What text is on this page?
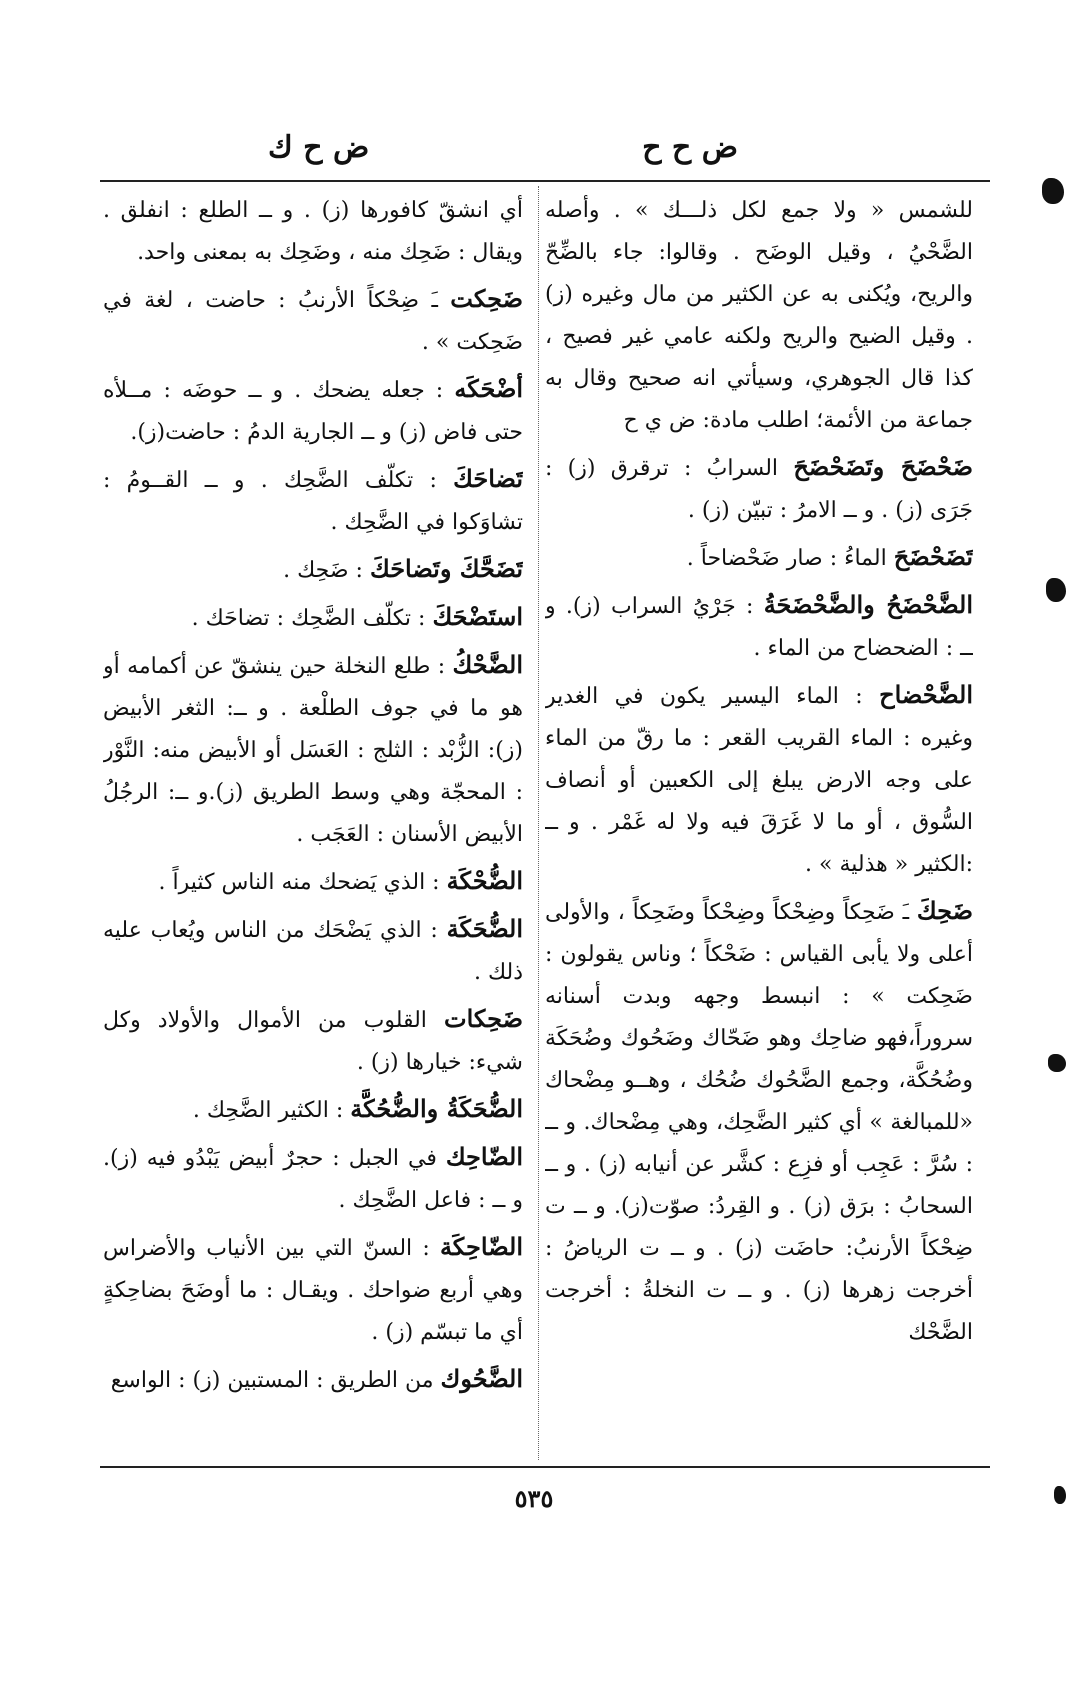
ض ح ح
ض ح ك

للشمس « ولا جمع لكل ذلـــك » . وأصله الضَّحْيُ ، وقيل الوضَح . وقالوا: جاء بالضِّحّ والريح، ويُكنى به عن الكثير من مال وغيره (ز) . وقيل الضيح والريح ولكنه عامي غير فصيح ، كذا قال الجوهري، وسيأتي انه صحيح وقال به جماعة من الأئمة؛ اطلب مادة: ض ي ح

ضَحْضَحَ وتَضَحْضَحَ السرابُ : ترقرق (ز) : جَرَى (ز) . و ــ الامرُ : تبيّن (ز) .

تَضَحْضَحَ الماءُ : صار ضَحْضاحاً .

الضَّحْضَحُ والضَّحْضَحَةُ : جَرْيُ السراب (ز). و ــ : الضحضاح من الماء .

الضَّحْضاح : الماء اليسير يكون في الغدير وغيره : الماء القريب القعر : ما رقّ من الماء على وجه الارض يبلغ إلى الكعبين أو أنصاف السُّوق ، أو ما لا غَرَقَ فيه ولا له غَمْر . و ــ :الكثير « هذلية » .

ضَحِكَ ـَ ضَحِكاً وضِحْكاً وضِحْكاً وضَحِكاً ، والأولى أعلى ولا يأبى القياس : ضَحْكاً ؛ وناس يقولون : ضَحِكت » : انبسط وجهه وبدت أسنانه سروراً،فهو ضاحِك وهو ضَحّاك وضَحُوك وضُحَكَة وضُحُكَّة، وجمع الضَّحُوك ضُحُك ، وهــو مِضْحاك «للمبالغة » أي كثير الضَّحِك، وهي مِضْحاك. و ــ : سُرَّ : عَجِب أو فزِع : كشَّر عن أنيابه (ز) . و ــ السحابُ : برَق (ز) . و القِردُ: صوّت(ز). و ــ ت ضِحْكاً الأرنبُ: حاضَت (ز) . و ــ ت الرياضُ : أخرجت زهرها (ز) . و ــ ت النخلةُ : أخرجت الضَّحْك

أي انشقّ كافورها (ز) . و ــ الطلع : انفلق . ويقال : ضَحِك منه ، وضَحِك به بمعنى واحد.

ضَحِكت ـَ ضِحْكاً الأرنبُ : حاضت ، لغة في ضَحِكت » .

أضْحَكَه : جعله يضحك . و ــ حوضَه : مــلأه حتى فاض (ز) و ــ الجارية الدمُ : حاضت(ز).

تَضاحَكَ : تكلّف الضَّحِك . و ــ القــومُ : تشاوَكوا في الضَّحِك .

تَضَحَّكَ وتَضاحَكَ : ضَحِك .

استَضْحَكَ : تكلّف الضَّحِك : تضاحَك .

الضَّحْكُ : طلع النخلة حين ينشقّ عن أكمامه أو هو ما في جوف الطلْعة . و ــ: الثغر الأبيض (ز): الزُّبْد : الثلج : العَسَل أو الأبيض منه: النَّوْر : المحجّة وهي وسط الطريق (ز).و ــ: الرجُلُ الأبيض الأسنان : العَجَب .

الضُّحْكَة : الذي يَضحك منه الناس كثيراً .

الضُّحَكَة : الذي يَضْحَك من الناس ويُعاب عليه ذلك .

ضَحِكات القلوب من الأموال والأولاد وكل شيء: خيارها (ز) .

الضُّحَكَةُ والضُّحُكَّة : الكثير الضَّحِك .

الضّاحِك في الجبل : حجرٌ أبيض يَبْدُو فيه (ز). و ــ : فاعل الضَّحِك .

الضّاحِكَة : السنّ التي بين الأنياب والأضراس وهي أربع ضواحك . ويقـال : ما أوضَحَ بضاحِكةٍ أي ما تبسّم (ز) .

الضَّحُوك من الطريق : المستبين (ز) : الواسع

٥٣٥
